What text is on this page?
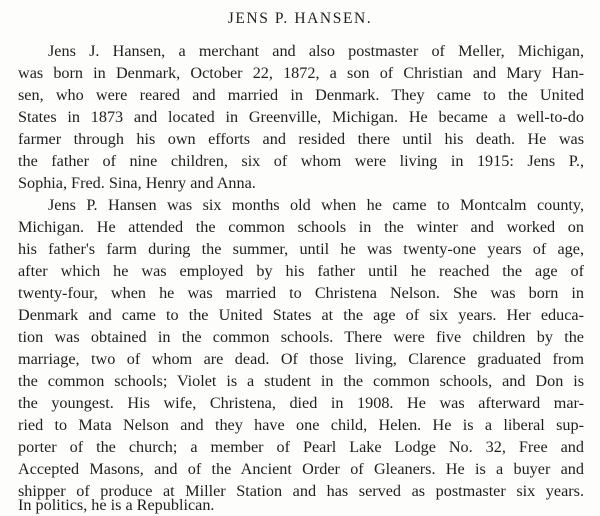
JENS P. HANSEN.

Jens J. Hansen, a merchant and also postmaster of Meller, Michigan,

was born in Denmark, October 22, 1872, a son of Christian and Mary Han-

sen, who were reared and married in Denmark. They came to the United

States in 1873 and located in Greenville, Michigan. He became a well-to-do

farmer through his own efforts and resided there until his death. He was

the father of nine children, six of whom were living in 1915: Jens P.,

Sophia, Fred. Sina, Henry and Anna.

Jens P. Hansen was six months old when he came to Montcalm county,

Michigan. He attended the common schools in the winter and worked on

his father's farm during the summer, until he was twenty-one years of age,

after which he was employed by his father until he reached the age of

twenty-four, when he was married to Christena Nelson. She was born in

Denmark and came to the United States at the age of six years. Her educa-

tion was obtained in the common schools. There were five children by the

marriage, two of whom are dead. Of those living, Clarence graduated from

the common schools; Violet is a student in the common schools, and Don is

the youngest. His wife, Christena, died in 1908. He was afterward mar-

ried to Mata Nelson and they have one child, Helen. He is a liberal sup-

porter of the church; a member of Pearl Lake Lodge No. 32, Free and

Accepted Masons, and of the Ancient Order of Gleaners. He is a buyer and

shipper of produce at Miller Station and has served as postmaster six years.

In politics, he is a Republican.
